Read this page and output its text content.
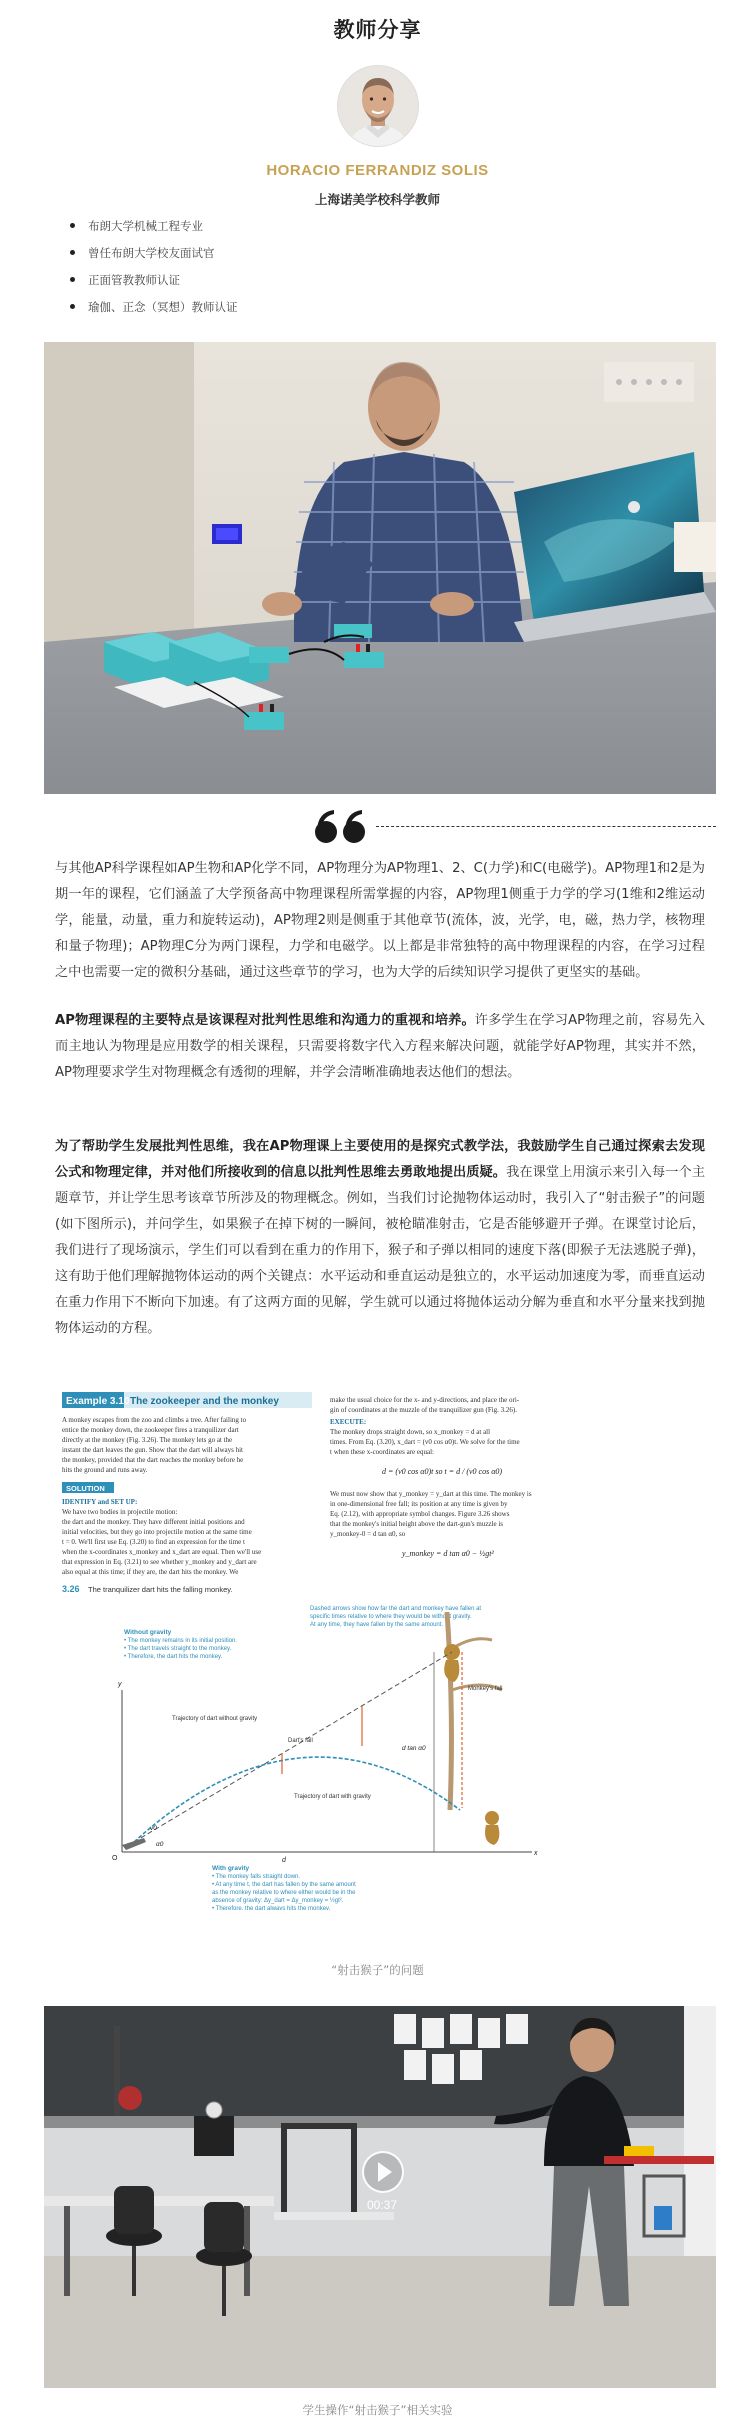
教师分享
HORACIO FERRANDIZ SOLIS
上海诺美学校科学教师
布朗大学机械工程专业
曾任布朗大学校友面试官
正面管教教师认证
瑜伽、正念（冥想）教师认证

与其他AP科学课程如AP生物和AP化学不同，AP物理分为AP物理1、2、C(力学)和C(电磁学)。AP物理1和2是为期一年的课程，它们涵盖了大学预备高中物理课程所需掌握的内容，AP物理1侧重于力学的学习(1维和2维运动学，能量，动量，重力和旋转运动)，AP物理2则是侧重于其他章节(流体，波，光学，电，磁，热力学，核物理和量子物理)；AP物理C分为两门课程，力学和电磁学。以上都是非常独特的高中物理课程的内容，在学习过程之中也需要一定的微积分基础，通过这些章节的学习，也为大学的后续知识学习提供了更坚实的基础。

AP物理课程的主要特点是该课程对批判性思维和沟通力的重视和培养。许多学生在学习AP物理之前，容易先入而主地认为物理是应用数学的相关课程，只需要将数字代入方程来解决问题，就能学好AP物理，其实并不然，AP物理要求学生对物理概念有透彻的理解，并学会清晰准确地表达他们的想法。

为了帮助学生发展批判性思维，我在AP物理课上主要使用的是探究式教学法，我鼓励学生自己通过探索去发现公式和物理定律，并对他们所接收到的信息以批判性思维去勇敢地提出质疑。我在课堂上用演示来引入每一个主题章节，并让学生思考该章节所涉及的物理概念。例如，当我们讨论抛物体运动时，我引入了“射击猴子”的问题(如下图所示)，并问学生，如果猴子在掉下树的一瞬间，被枪瞄准射击，它是否能够避开子弹。在课堂讨论后，我们进行了现场演示，学生们可以看到在重力的作用下，猴子和子弹以相同的速度下落(即猴子无法逃脱子弹)，这有助于他们理解抛物体运动的两个关键点：水平运动和垂直运动是独立的，水平运动加速度为零，而垂直运动在重力作用下不断向下加速。有了这两方面的见解，学生就可以通过将抛体运动分解为垂直和水平分量来找到抛物体运动的方程。

Example 3.10 The zookeeper and the monkey
A monkey escapes from the zoo and climbs a tree. After failing to
entice the monkey down, the zookeeper fires a tranquilizer dart
directly at the monkey (Fig. 3.26). The monkey lets go at the
instant the dart leaves the gun. Show that the dart will always hit
the monkey, provided that the dart reaches the monkey before he
hits the ground and runs away.
SOLUTION
IDENTIFY and SET UP:
We have two bodies in projectile motion:
the dart and the monkey. They have different initial positions and
initial velocities, but they go into projectile motion at the same time
t = 0. We'll first use Eq. (3.20) to find an expression for the time t
when the x-coordinates x_monkey and x_dart are equal. Then we'll use
that expression in Eq. (3.21) to see whether y_monkey and y_dart are
also equal at this time; if they are, the dart hits the monkey. We
make the usual choice for the x- and y-directions, and place the ori-
gin of coordinates at the muzzle of the tranquilizer gun (Fig. 3.26).
EXECUTE:
The monkey drops straight down, so x_monkey = d at all
times. From Eq. (3.20), x_dart = (v0 cos α0)t. We solve for the time
t when these x-coordinates are equal:
d = (v0 cos α0)t so t = d / (v0 cos α0)
We must now show that y_monkey = y_dart at this time. The monkey is
in one-dimensional free fall; its position at any time is given by
Eq. (2.12), with appropriate symbol changes. Figure 3.26 shows
that the monkey's initial height above the dart-gun's muzzle is
y_monkey-0 = d tan α0, so
y_monkey = d tan α0 − ½gt²
3.26 The tranquilizer dart hits the falling monkey.
Dashed arrows show how far the dart and monkey have fallen at
specific times relative to where they would be without gravity.
At any time, they have fallen by the same amount.
Without gravity
• The monkey remains in its initial position.
• The dart travels straight to the monkey.
• Therefore, the dart hits the monkey.
x
y
O
v0
α0
Trajectory of dart without gravity
Trajectory of dart with gravity
Dart's fall
Monkey's fall
d tan α0
d
With gravity
• The monkey falls straight down.
• At any time t, the dart has fallen by the same amount
as the monkey relative to where either would be in the
absence of gravity: Δy_dart = Δy_monkey = ½gt².
• Therefore, the dart always hits the monkey.
“射击猴子”的问题
00:37
学生操作“射击猴子”相关实验
